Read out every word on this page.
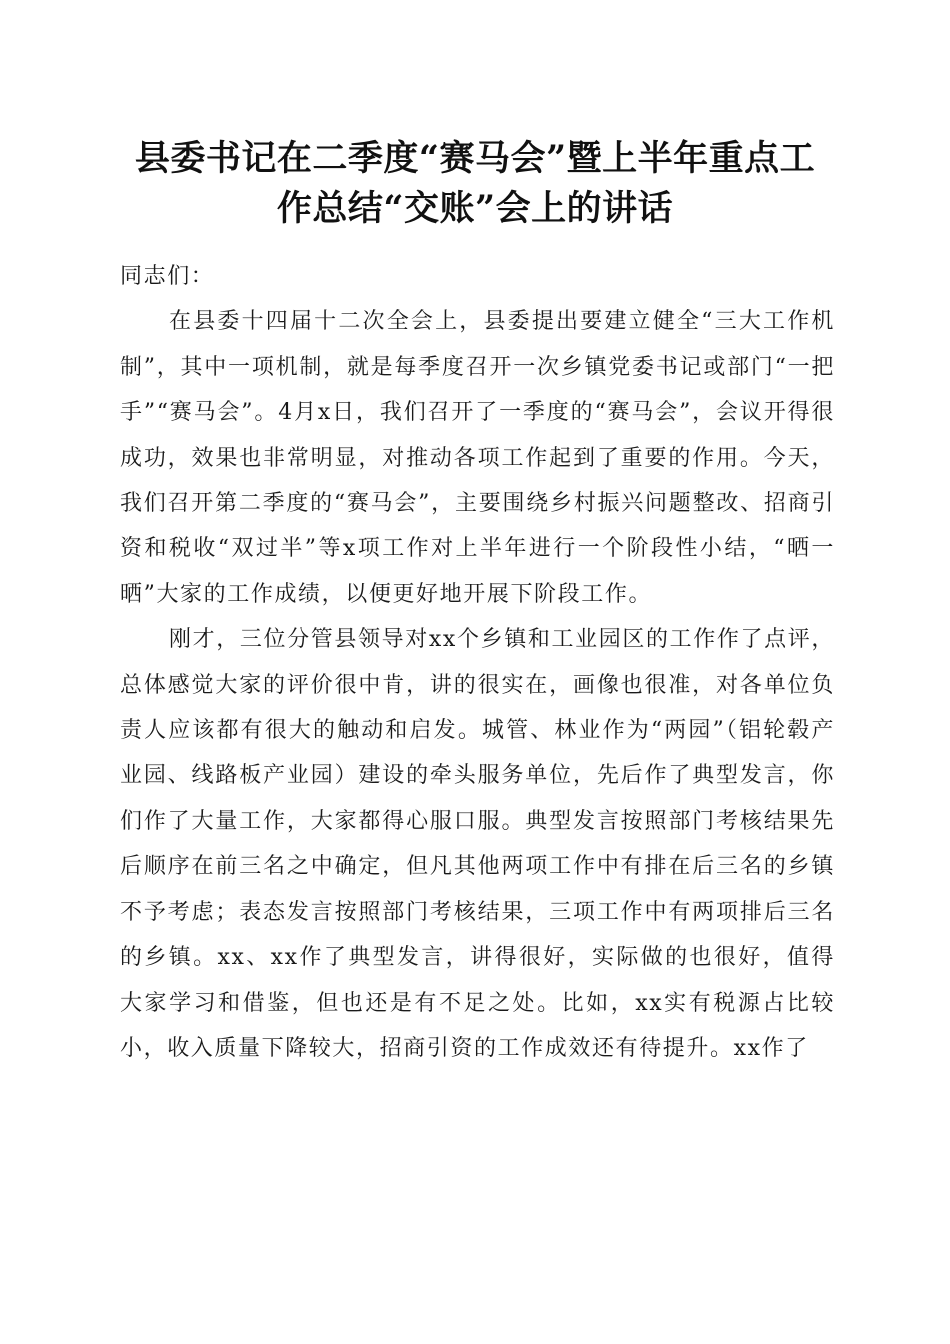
县委书记在二季度“赛马会”暨上半年重点工
作总结“交账”会上的讲话

同志们：

在县委十四届十二次全会上，县委提出要建立健全“三大工作机制”，其中一项机制，就是每季度召开一次乡镇党委书记或部门“一把手”“赛马会”。4月x日，我们召开了一季度的“赛马会”，会议开得很成功，效果也非常明显，对推动各项工作起到了重要的作用。今天，我们召开第二季度的“赛马会”，主要围绕乡村振兴问题整改、招商引资和税收“双过半”等x项工作对上半年进行一个阶段性小结，“晒一晒”大家的工作成绩，以便更好地开展下阶段工作。

刚才，三位分管县领导对xx个乡镇和工业园区的工作作了点评，总体感觉大家的评价很中肯，讲的很实在，画像也很准，对各单位负责人应该都有很大的触动和启发。城管、林业作为“两园”（铝轮毂产业园、线路板产业园）建设的牵头服务单位，先后作了典型发言，你们作了大量工作，大家都得心服口服。典型发言按照部门考核结果先后顺序在前三名之中确定，但凡其他两项工作中有排在后三名的乡镇不予考虑；表态发言按照部门考核结果，三项工作中有两项排后三名的乡镇。xx、xx作了典型发言，讲得很好，实际做的也很好，值得大家学习和借鉴，但也还是有不足之处。比如，xx实有税源占比较小，收入质量下降较大，招商引资的工作成效还有待提升。xx作了
